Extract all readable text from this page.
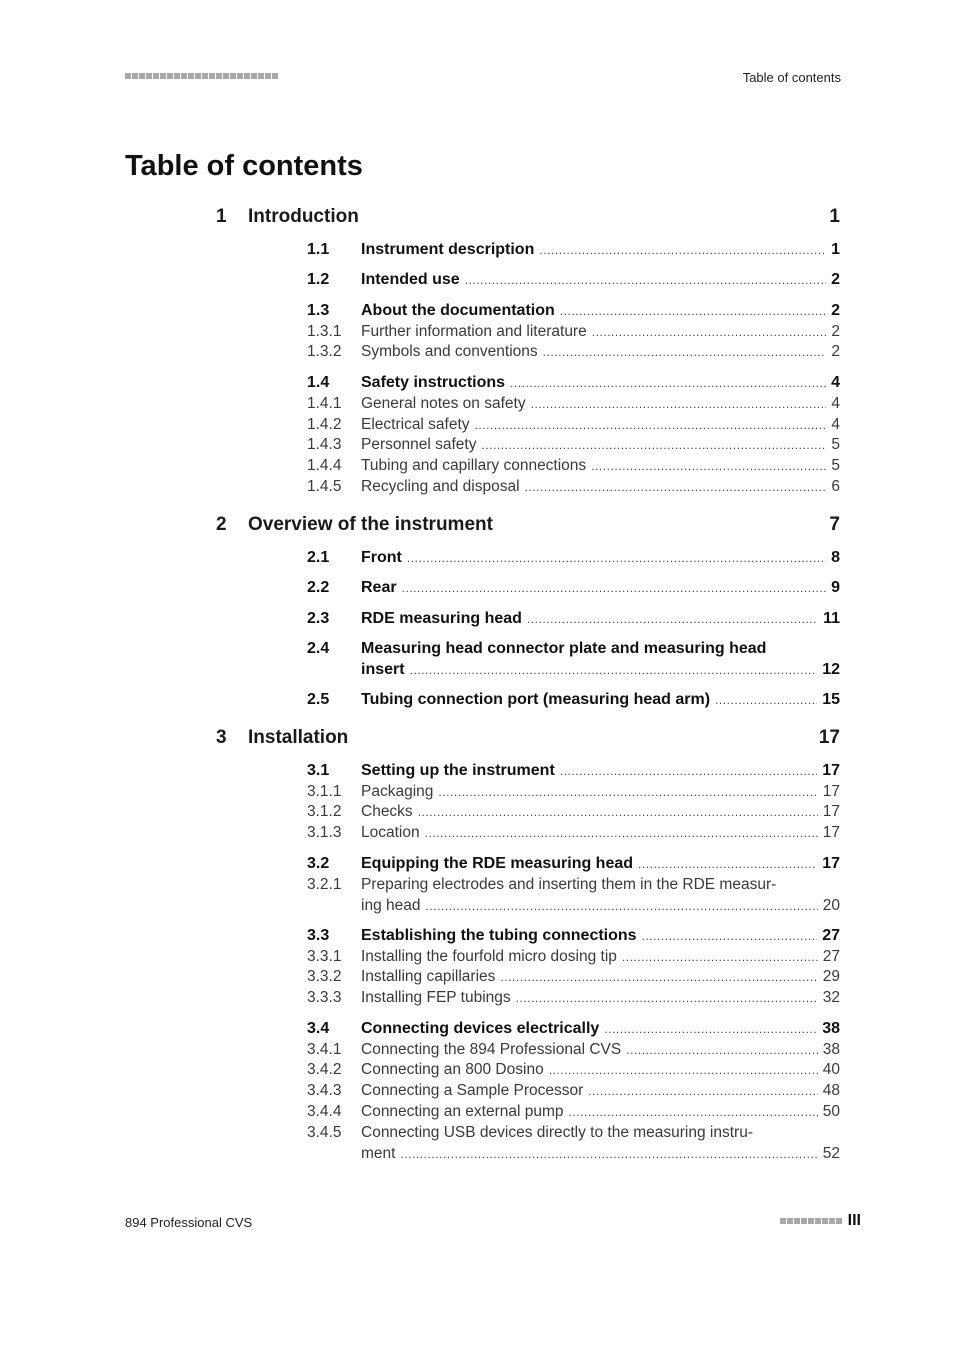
Table of contents
Table of contents
1 Introduction	1
1.1 Instrument description . . .	1
1.2 Intended use . . .	2
1.3 About the documentation . . .	2
1.3.1 Further information and literature . . .	2
1.3.2 Symbols and conventions . . .	2
1.4 Safety instructions . . .	4
1.4.1 General notes on safety . . .	4
1.4.2 Electrical safety . . .	4
1.4.3 Personnel safety . . .	5
1.4.4 Tubing and capillary connections . . .	5
1.4.5 Recycling and disposal . . .	6
2 Overview of the instrument	7
2.1 Front . . .	8
2.2 Rear . . .	9
2.3 RDE measuring head . . .	11
2.4 Measuring head connector plate and measuring head
insert . . .	12
2.5 Tubing connection port (measuring head arm) . . .	15
3 Installation	17
3.1 Setting up the instrument . . .	17
3.1.1 Packaging . . .	17
3.1.2 Checks . . .	17
3.1.3 Location . . .	17
3.2 Equipping the RDE measuring head . . .	17
3.2.1 Preparing electrodes and inserting them in the RDE measur-
ing head . . .	20
3.3 Establishing the tubing connections . . .	27
3.3.1 Installing the fourfold micro dosing tip . . .	27
3.3.2 Installing capillaries . . .	29
3.3.3 Installing FEP tubings . . .	32
3.4 Connecting devices electrically . . .	38
3.4.1 Connecting the 894 Professional CVS . . .	38
3.4.2 Connecting an 800 Dosino . . .	40
3.4.3 Connecting a Sample Processor . . .	48
3.4.4 Connecting an external pump . . .	50
3.4.5 Connecting USB devices directly to the measuring instru-
ment . . .	52
894 Professional CVS	III
